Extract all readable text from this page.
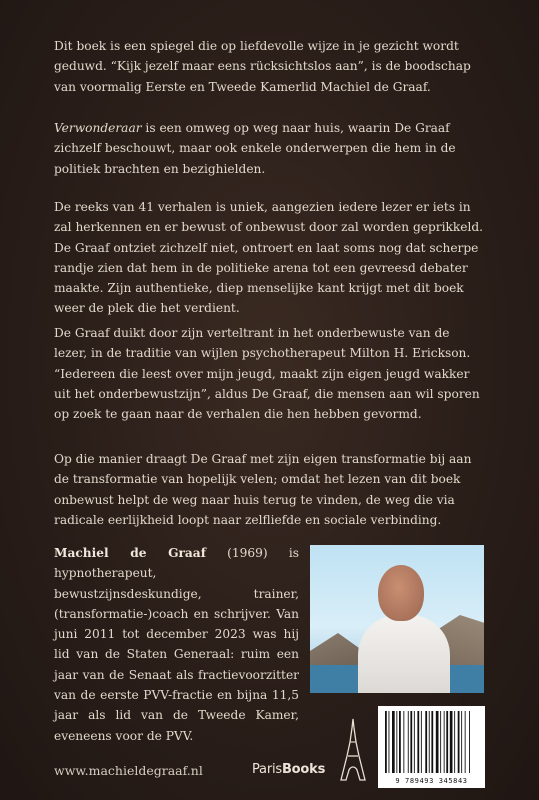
Dit boek is een spiegel die op liefdevolle wijze in je gezicht wordt geduwd. “Kijk jezelf maar eens rücksichtslos aan”, is de boodschap van voormalig Eerste en Tweede Kamerlid Machiel de Graaf.

Verwonderaar is een omweg op weg naar huis, waarin De Graaf zichzelf beschouwt, maar ook enkele onderwerpen die hem in de politiek brachten en bezighielden.

De reeks van 41 verhalen is uniek, aangezien iedere lezer er iets in zal herkennen en er bewust of onbewust door zal worden geprikkeld. De Graaf ontziet zichzelf niet, ontroert en laat soms nog dat scherpe randje zien dat hem in de politieke arena tot een gevreesd debater maakte. Zijn authentieke, diep menselijke kant krijgt met dit boek weer de plek die het verdient.

De Graaf duikt door zijn verteltrant in het onderbewuste van de lezer, in de traditie van wijlen psychotherapeut Milton H. Erickson. “Iedereen die leest over mijn jeugd, maakt zijn eigen jeugd wakker uit het onderbewustzijn”, aldus De Graaf, die mensen aan wil sporen op zoek te gaan naar de verhalen die hen hebben gevormd.

Op die manier draagt De Graaf met zijn eigen transformatie bij aan de transformatie van hopelijk velen; omdat het lezen van dit boek onbewust helpt de weg naar huis terug te vinden, de weg die via radicale eerlijkheid loopt naar zelfliefde en sociale verbinding.

Machiel de Graaf (1969) is hypnotherapeut, bewustzijnsdeskundige, trainer, (transformatie-)coach en schrijver. Van juni 2011 tot december 2023 was hij lid van de Staten Generaal: ruim een jaar van de Senaat als fractievoorzitter van de eerste PVV-fractie en bijna 11,5 jaar als lid van de Tweede Kamer, eveneens voor de PVV.

www.machieldegraaf.nl	ParisBooks
9 789493 345843
